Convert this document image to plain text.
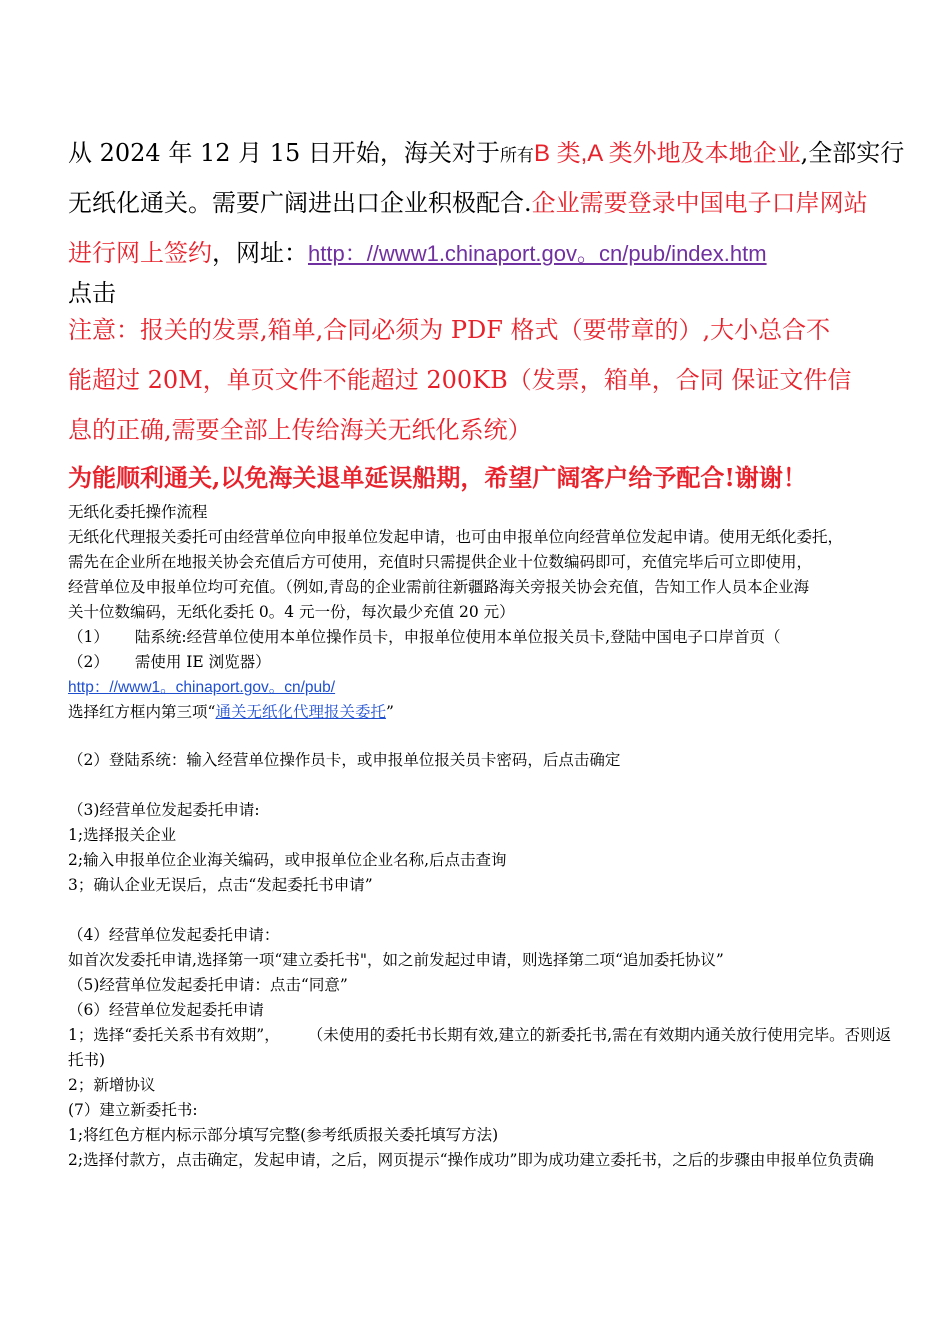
从 2024 年 12 月 15 日开始，海关对于所有B 类,A 类外地及本地企业,全部实行
无纸化通关。需要广阔进出口企业积极配合.企业需要登录中国电子口岸网站
进行网上签约，网址：http：//www1.chinaport.gov。cn/pub/index.htm
点击
注意：报关的发票,箱单,合同必须为 PDF 格式（要带章的）,大小总合不
能超过 20M，单页文件不能超过 200KB（发票，箱单，合同 保证文件信
息的正确,需要全部上传给海关无纸化系统）
为能顺利通关,以免海关退单延误船期，希望广阔客户给予配合!谢谢！
无纸化委托操作流程
无纸化代理报关委托可由经营单位向申报单位发起申请，也可由申报单位向经营单位发起申请。使用无纸化委托，
需先在企业所在地报关协会充值后方可使用，充值时只需提供企业十位数编码即可，充值完毕后可立即使用，
经营单位及申报单位均可充值。（例如,青岛的企业需前往新疆路海关旁报关协会充值，告知工作人员本企业海
关十位数编码，无纸化委托 0。4 元一份，每次最少充值 20 元）
（1） 陆系统:经营单位使用本单位操作员卡，申报单位使用本单位报关员卡,登陆中国电子口岸首页（
（2） 需使用 IE 浏览器）
http：//www1。chinaport.gov。cn/pub/
选择红方框内第三项“通关无纸化代理报关委托”
（2）登陆系统：输入经营单位操作员卡，或申报单位报关员卡密码，后点击确定
（3)经营单位发起委托申请:
1;选择报关企业
2;输入申报单位企业海关编码，或申报单位企业名称,后点击查询
3；确认企业无误后，点击“发起委托书申请”
（4）经营单位发起委托申请：
如首次发委托申请,选择第一项“建立委托书"，如之前发起过申请，则选择第二项“追加委托协议”
（5)经营单位发起委托申请：点击“同意”
（6）经营单位发起委托申请
1；选择“委托关系书有效期”， （未使用的委托书长期有效,建立的新委托书,需在有效期内通关放行使用完毕。否则返
托书)
2；新增协议
(7）建立新委托书:
1;将红色方框内标示部分填写完整(参考纸质报关委托填写方法)
2;选择付款方，点击确定，发起申请，之后，网页提示“操作成功”即为成功建立委托书，之后的步骤由申报单位负责确
